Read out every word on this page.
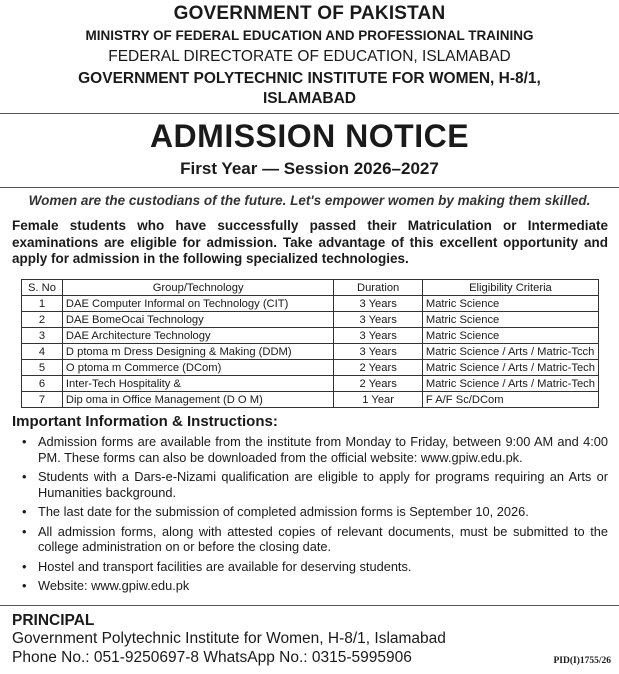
GOVERNMENT OF PAKISTAN
MINISTRY OF FEDERAL EDUCATION AND PROFESSIONAL TRAINING
FEDERAL DIRECTORATE OF EDUCATION, ISLAMABAD
GOVERNMENT POLYTECHNIC INSTITUTE FOR WOMEN, H-8/1, ISLAMABAD
ADMISSION NOTICE
First Year — Session 2026–2027
Women are the custodians of the future. Let's empower women by making them skilled.
Female students who have successfully passed their Matriculation or Intermediate examinations are eligible for admission. Take advantage of this excellent opportunity and apply for admission in the following specialized technologies.
S. No	Group/Technology	Duration	Eligibility Criteria
1	DAE Computer Informal on Technology (CIT)	3 Years	Matric Science
2	DAE BomeOcai Technology	3 Years	Matric Science
3	DAE Architecture Technology	3 Years	Matric Science
4	D ptoma m Dress Designing & Making (DDM)	3 Years	Matric Science / Arts / Matric-Tcch
5	O ptoma m Commerce (DCom)	2 Years	Matric Science / Arts / Matric-Tech
6	Inter-Tech Hospitality &	2 Years	Matric Science / Arts / Matric-Tech
7	Dip oma in Office Management (D O M)	1 Year	F A/F Sc/DCom
Important Information & Instructions:
• Admission forms are available from the institute from Monday to Friday, between 9:00 AM and 4:00 PM. These forms can also be downloaded from the official website: www.gpiw.edu.pk.
• Students with a Dars-e-Nizami qualification are eligible to apply for programs requiring an Arts or Humanities background.
• The last date for the submission of completed admission forms is September 10, 2026.
• All admission forms, along with attested copies of relevant documents, must be submitted to the college administration on or before the closing date.
• Hostel and transport facilities are available for deserving students.
• Website: www.gpiw.edu.pk
PRINCIPAL
Government Polytechnic Institute for Women, H-8/1, Islamabad
Phone No.: 051-9250697-8 WhatsApp No.: 0315-5995906	PID(I)1755/26
